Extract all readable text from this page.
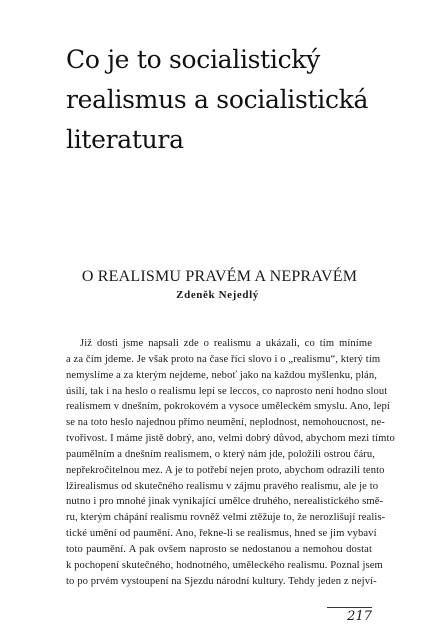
Co je to socialistický
realismus a socialistická
literatura
O REALISMU PRAVÉM A NEPRAVÉM
Zdeněk Nejedlý
Již dosti jsme napsali zde o realismu a ukázali, co tím míníme
a za čím jdeme. Je však proto na čase říci slovo i o „realismu“, který tím
nemyslíme a za kterým nejdeme, neboť jako na každou myšlenku, plán,
úsilí, tak i na heslo o realismu lepí se leccos, co naprosto není hodno slout
realismem v dnešním, pokrokovém a vysoce uměleckém smyslu. Ano, lepí
se na toto heslo najednou přímo neumění, neplodnost, nemohoucnost, ne-
tvořivost. I máme jistě dobrý, ano, velmi dobrý důvod, abychom mezi tímto
paumělním a dnešním realismem, o který nám jde, položili ostrou čáru,
nepřekročitelnou mez. A je to potřebí nejen proto, abychom odrazili tento
lžirealismus od skutečného realismu v zájmu pravého realismu, ale je to
nutno i pro mnohé jinak vynikající umělce druhého, nerealistického smě-
ru, kterým chápání realismu rovněž velmi ztěžuje to, že nerozlišují realis-
tické umění od paumění. Ano, řekne-li se realismus, hned se jim vybaví
toto paumění. A pak ovšem naprosto se nedostanou a nemohou dostat
k pochopení skutečného, hodnotného, uměleckého realismu. Poznal jsem
to po prvém vystoupení na Sjezdu národní kultury. Tehdy jeden z nejví-
217
